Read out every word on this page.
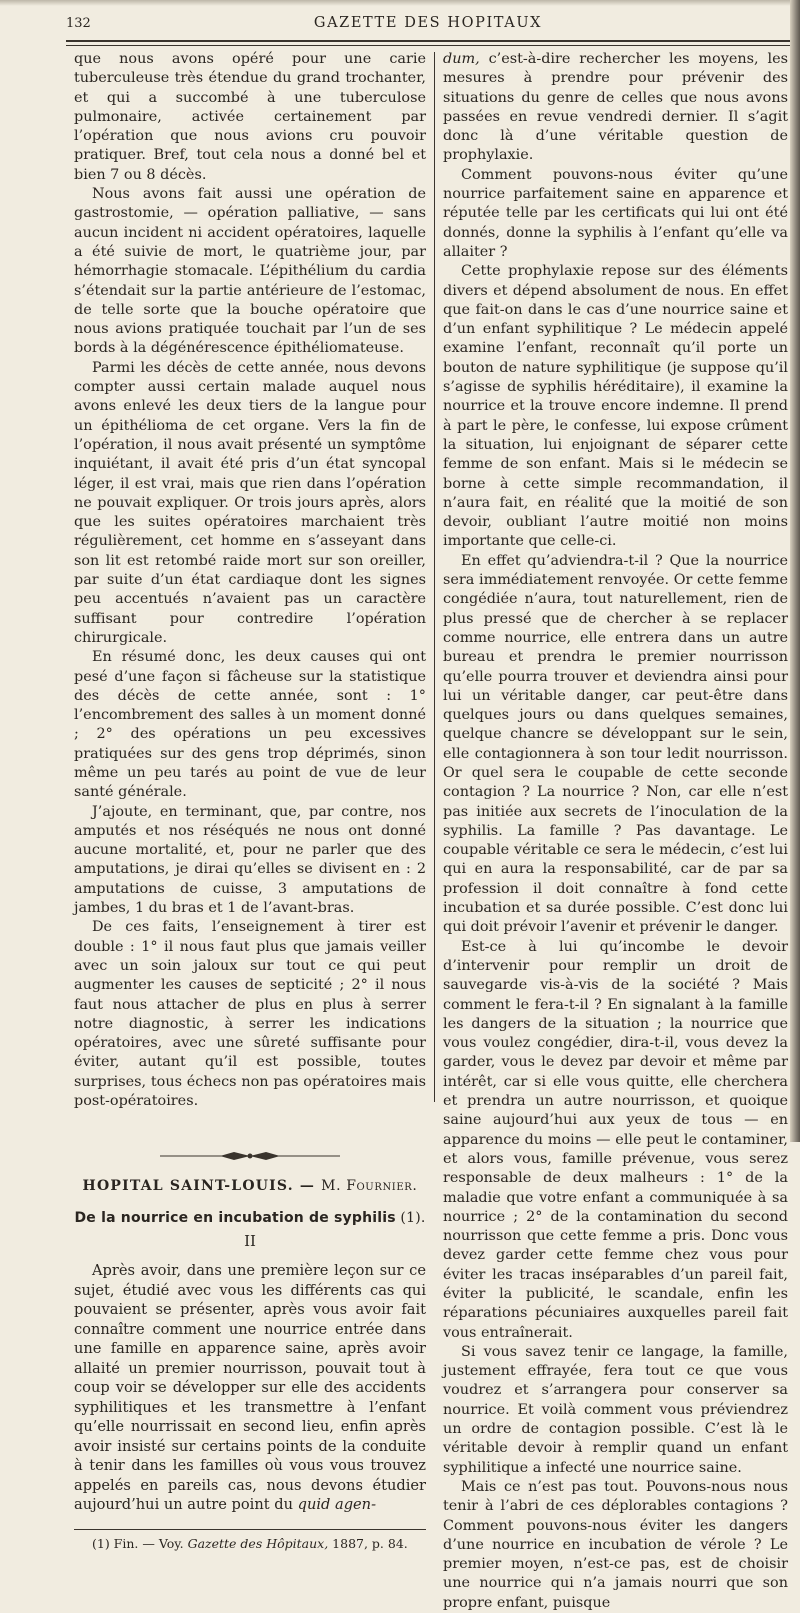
132	GAZETTE DES HOPITAUX

que nous avons opéré pour une carie tuberculeuse très étendue du grand trochanter, et qui a succombé à une tuberculose pulmonaire, activée certainement par l’opération que nous avions cru pouvoir pratiquer. Bref, tout cela nous a donné bel et bien 7 ou 8 décès.

Nous avons fait aussi une opération de gastrostomie, — opération palliative, — sans aucun incident ni accident opératoires, laquelle a été suivie de mort, le quatrième jour, par hémorrhagie stomacale. L’épithélium du cardia s’étendait sur la partie antérieure de l’estomac, de telle sorte que la bouche opératoire que nous avions pratiquée touchait par l’un de ses bords à la dégénérescence épithéliomateuse.

Parmi les décès de cette année, nous devons compter aussi certain malade auquel nous avons enlevé les deux tiers de la langue pour un épithélioma de cet organe. Vers la fin de l’opération, il nous avait présenté un symptôme inquiétant, il avait été pris d’un état syncopal léger, il est vrai, mais que rien dans l’opération ne pouvait expliquer. Or trois jours après, alors que les suites opératoires marchaient très régulièrement, cet homme en s’asseyant dans son lit est retombé raide mort sur son oreiller, par suite d’un état cardiaque dont les signes peu accentués n’avaient pas un caractère suffisant pour contredire l’opération chirurgicale.

En résumé donc, les deux causes qui ont pesé d’une façon si fâcheuse sur la statistique des décès de cette année, sont : 1° l’encombrement des salles à un moment donné ; 2° des opérations un peu excessives pratiquées sur des gens trop déprimés, sinon même un peu tarés au point de vue de leur santé générale.

J’ajoute, en terminant, que, par contre, nos amputés et nos réséqués ne nous ont donné aucune mortalité, et, pour ne parler que des amputations, je dirai qu’elles se divisent en : 2 amputations de cuisse, 3 amputations de jambes, 1 du bras et 1 de l’avant-bras.

De ces faits, l’enseignement à tirer est double : 1° il nous faut plus que jamais veiller avec un soin jaloux sur tout ce qui peut augmenter les causes de septicité ; 2° il nous faut nous attacher de plus en plus à serrer notre diagnostic, à serrer les indications opératoires, avec une sûreté suffisante pour éviter, autant qu’il est possible, toutes surprises, tous échecs non pas opératoires mais post-opératoires.

HOPITAL SAINT-LOUIS. — M. Fournier.
De la nourrice en incubation de syphilis (1).
II

Après avoir, dans une première leçon sur ce sujet, étudié avec vous les différents cas qui pouvaient se présenter, après vous avoir fait connaître comment une nourrice entrée dans une famille en apparence saine, après avoir allaité un premier nourrisson, pouvait tout à coup voir se développer sur elle des accidents syphilitiques et les transmettre à l’enfant qu’elle nourrissait en second lieu, enfin après avoir insisté sur certains points de la conduite à tenir dans les familles où vous vous trouvez appelés en pareils cas, nous devons étudier aujourd’hui un autre point du quid agen-

(1) Fin. — Voy. Gazette des Hôpitaux, 1887, p. 84.

dum, c’est-à-dire rechercher les moyens, les mesures à prendre pour prévenir des situations du genre de celles que nous avons passées en revue vendredi dernier. Il s’agit donc là d’une véritable question de prophylaxie.

Comment pouvons-nous éviter qu’une nourrice parfaitement saine en apparence et réputée telle par les certificats qui lui ont été donnés, donne la syphilis à l’enfant qu’elle va allaiter ?

Cette prophylaxie repose sur des éléments divers et dépend absolument de nous. En effet que fait-on dans le cas d’une nourrice saine et d’un enfant syphilitique ? Le médecin appelé examine l’enfant, reconnaît qu’il porte un bouton de nature syphilitique (je suppose qu’il s’agisse de syphilis héréditaire), il examine la nourrice et la trouve encore indemne. Il prend à part le père, le confesse, lui expose crûment la situation, lui enjoignant de séparer cette femme de son enfant. Mais si le médecin se borne à cette simple recommandation, il n’aura fait, en réalité que la moitié de son devoir, oubliant l’autre moitié non moins importante que celle-ci.

En effet qu’adviendra-t-il ? Que la nourrice sera immédiatement renvoyée. Or cette femme congédiée n’aura, tout naturellement, rien de plus pressé que de chercher à se replacer comme nourrice, elle entrera dans un autre bureau et prendra le premier nourrisson qu’elle pourra trouver et deviendra ainsi pour lui un véritable danger, car peut-être dans quelques jours ou dans quelques semaines, quelque chancre se développant sur le sein, elle contagionnera à son tour ledit nourrisson. Or quel sera le coupable de cette seconde contagion ? La nourrice ? Non, car elle n’est pas initiée aux secrets de l’inoculation de la syphilis. La famille ? Pas davantage. Le coupable véritable ce sera le médecin, c’est lui qui en aura la responsabilité, car de par sa profession il doit connaître à fond cette incubation et sa durée possible. C’est donc lui qui doit prévoir l’avenir et prévenir le danger.

Est-ce à lui qu’incombe le devoir d’intervenir pour remplir un droit de sauvegarde vis-à-vis de la société ? Mais comment le fera-t-il ? En signalant à la famille les dangers de la situation ; la nourrice que vous voulez congédier, dira-t-il, vous devez la garder, vous le devez par devoir et même par intérêt, car si elle vous quitte, elle cherchera et prendra un autre nourrisson, et quoique saine aujourd’hui aux yeux de tous — en apparence du moins — elle peut le contaminer, et alors vous, famille prévenue, vous serez responsable de deux malheurs : 1° de la maladie que votre enfant a communiquée à sa nourrice ; 2° de la contamination du second nourrisson que cette femme a pris. Donc vous devez garder cette femme chez vous pour éviter les tracas inséparables d’un pareil fait, éviter la publicité, le scandale, enfin les réparations pécuniaires auxquelles pareil fait vous entraînerait.

Si vous savez tenir ce langage, la famille, justement effrayée, fera tout ce que vous voudrez et s’arrangera pour conserver sa nourrice. Et voilà comment vous préviendrez un ordre de contagion possible. C’est là le véritable devoir à remplir quand un enfant syphilitique a infecté une nourrice saine.

Mais ce n’est pas tout. Pouvons-nous nous tenir à l’abri de ces déplorables contagions ? Comment pouvons-nous éviter les dangers d’une nourrice en incubation de vérole ? Le premier moyen, n’est-ce pas, est de choisir une nourrice qui n’a jamais nourri que son propre enfant, puisque
